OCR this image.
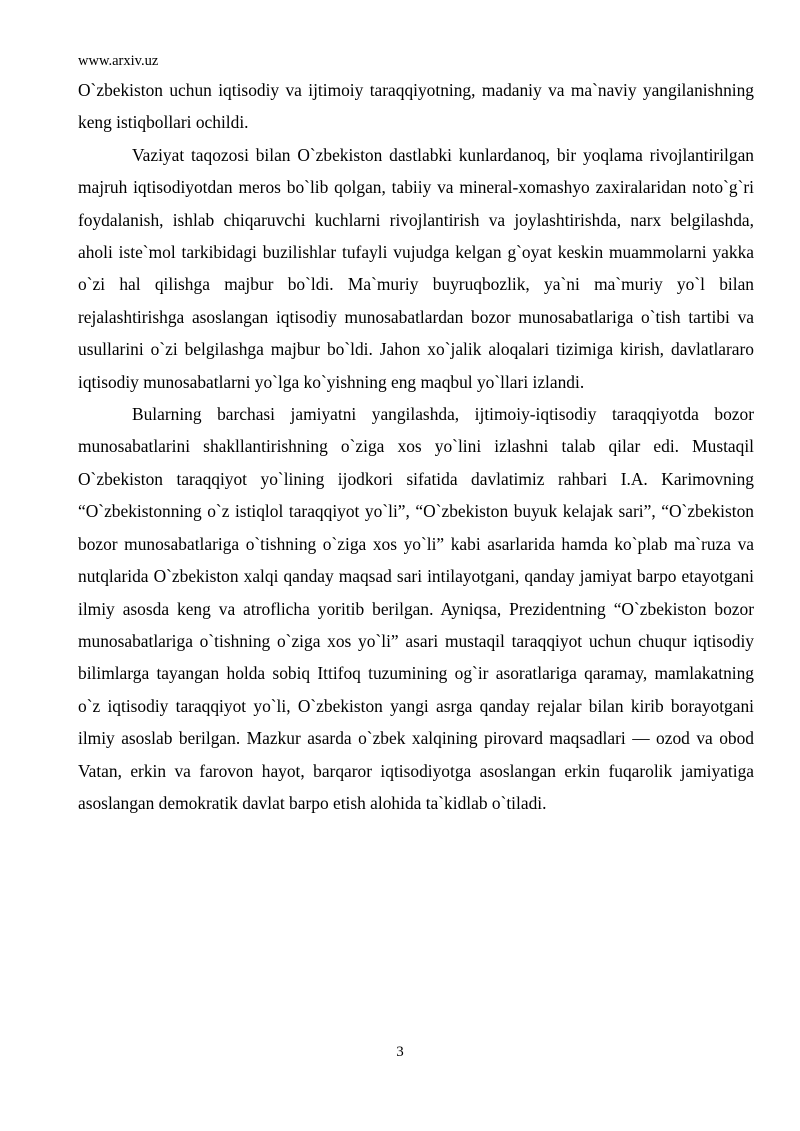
www.arxiv.uz

O`zbekiston uchun iqtisodiy va ijtimoiy taraqqiyotning, madaniy va ma`naviy yangilanishning keng istiqbollari ochildi.

Vaziyat taqozosi bilan O`zbekiston dastlabki kunlardanoq, bir yoqlama rivojlantirilgan majruh iqtisodiyotdan meros bo`lib qolgan, tabiiy va mineral-xomashyo zaxiralaridan noto`g`ri foydalanish, ishlab chiqaruvchi kuchlarni rivojlantirish va joylashtirishda, narx belgilashda, aholi iste`mol tarkibidagi buzilishlar tufayli vujudga kelgan g`oyat keskin muammolarni yakka o`zi hal qilishga majbur bo`ldi. Ma`muriy buyruqbozlik, ya`ni ma`muriy yo`l bilan rejalashtirishga asoslangan iqtisodiy munosabatlardan bozor munosabatlariga o`tish tartibi va usullarini o`zi belgilashga majbur bo`ldi. Jahon xo`jalik aloqalari tizimiga kirish, davlatlararo iqtisodiy munosabatlarni yo`lga ko`yishning eng maqbul yo`llari izlandi.

Bularning barchasi jamiyatni yangilashda, ijtimoiy-iqtisodiy taraqqiyotda bozor munosabatlarini shakllantirishning o`ziga xos yo`lini izlashni talab qilar edi. Mustaqil O`zbekiston taraqqiyot yo`lining ijodkori sifatida davlatimiz rahbari I.A. Karimovning “O`zbekistonning o`z istiqlol taraqqiyot yo`li”, “O`zbekiston buyuk kelajak sari”, “O`zbekiston bozor munosabatlariga o`tishning o`ziga xos yo`li” kabi asarlarida hamda ko`plab ma`ruza va nutqlarida O`zbekiston xalqi qanday maqsad sari intilayotgani, qanday jamiyat barpo etayotgani ilmiy asosda keng va atroflicha yoritib berilgan. Ayniqsa, Prezidentning “O`zbekiston bozor munosabatlariga o`tishning o`ziga xos yo`li” asari mustaqil taraqqiyot uchun chuqur iqtisodiy bilimlarga tayangan holda sobiq Ittifoq tuzumining og`ir asoratlariga qaramay, mamlakatning o`z iqtisodiy taraqqiyot yo`li, O`zbekiston yangi asrga qanday rejalar bilan kirib borayotgani ilmiy asoslab berilgan. Mazkur asarda o`zbek xalqining pirovard maqsadlari — ozod va obod Vatan, erkin va farovon hayot, barqaror iqtisodiyotga asoslangan erkin fuqarolik jamiyatiga asoslangan demokratik davlat barpo etish alohida ta`kidlab o`tiladi.

3
